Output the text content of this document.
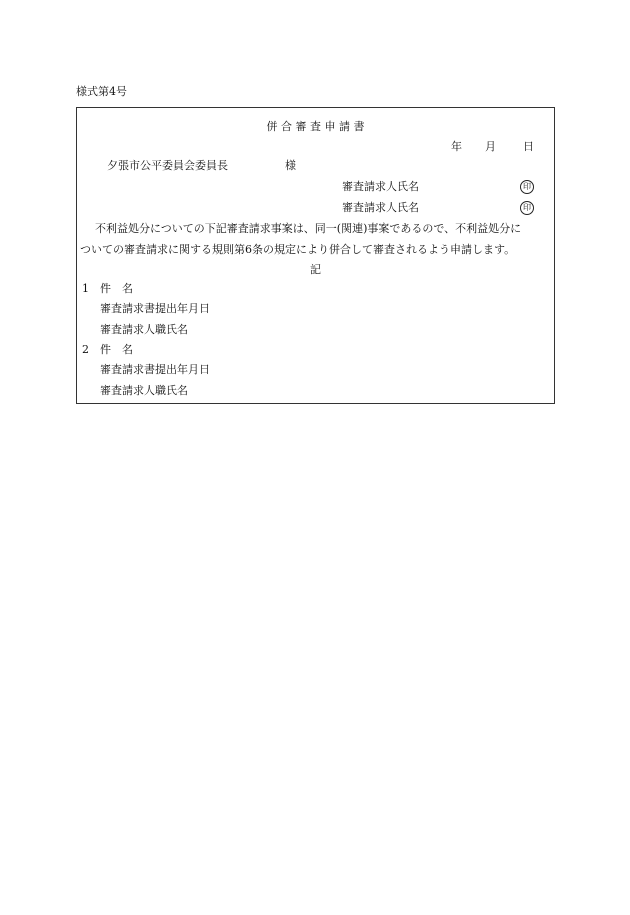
様式第4号
併 合 審 査 申 請 書
年 月 日
夕張市公平委員会委員長	様
審査請求人氏名	印
審査請求人氏名	印
不利益処分についての下記審査請求事案は、同一(関連)事案であるので、不利益処分に
ついての審査請求に関する規則第6条の規定により併合して審査されるよう申請します。
記
1 件　名
審査請求書提出年月日
審査請求人職氏名
2 件　名
審査請求書提出年月日
審査請求人職氏名
